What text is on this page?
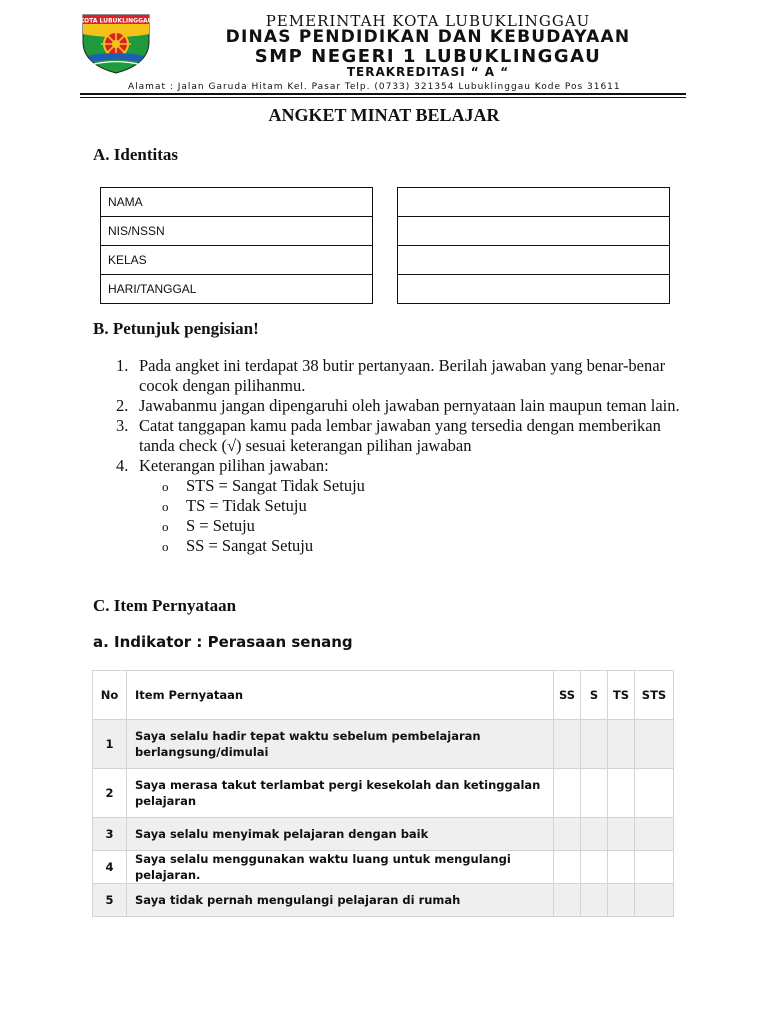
KOTA LUBUKLINGGAU	PEMERINTAH KOTA LUBUKLINGGAU
DINAS PENDIDIKAN DAN KEBUDAYAAN
SMP NEGERI 1 LUBUKLINGGAU
TERAKREDITASI “ A “
Alamat : Jalan Garuda Hitam Kel. Pasar Telp. (0733) 321354 Lubuklinggau Kode Pos 31611
ANGKET MINAT BELAJAR
A. Identitas
NAMA
NIS/NSSN
KELAS
HARI/TANGGAL

B. Petunjuk pengisian!
1. Pada angket ini terdapat 38 butir pertanyaan. Berilah jawaban yang benar-benar cocok dengan pilihanmu.
2. Jawabanmu jangan dipengaruhi oleh jawaban pernyataan lain maupun teman lain.
3. Catat tanggapan kamu pada lembar jawaban yang tersedia dengan memberikan tanda check (√) sesuai keterangan pilihan jawaban
4. Keterangan pilihan jawaban:
o STS = Sangat Tidak Setuju
o TS = Tidak Setuju
o S = Setuju
o SS = Sangat Setuju
C. Item Pernyataan
a. Indikator : Perasaan senang
No	Item Pernyataan	SS	S	TS	STS
1	Saya selalu hadir tepat waktu sebelum pembelajaran berlangsung/dimulai				
2	Saya merasa takut terlambat pergi kesekolah dan ketinggalan pelajaran				
3	Saya selalu menyimak pelajaran dengan baik				
4	Saya selalu menggunakan waktu luang untuk mengulangi pelajaran.				
5	Saya tidak pernah mengulangi pelajaran di rumah				
